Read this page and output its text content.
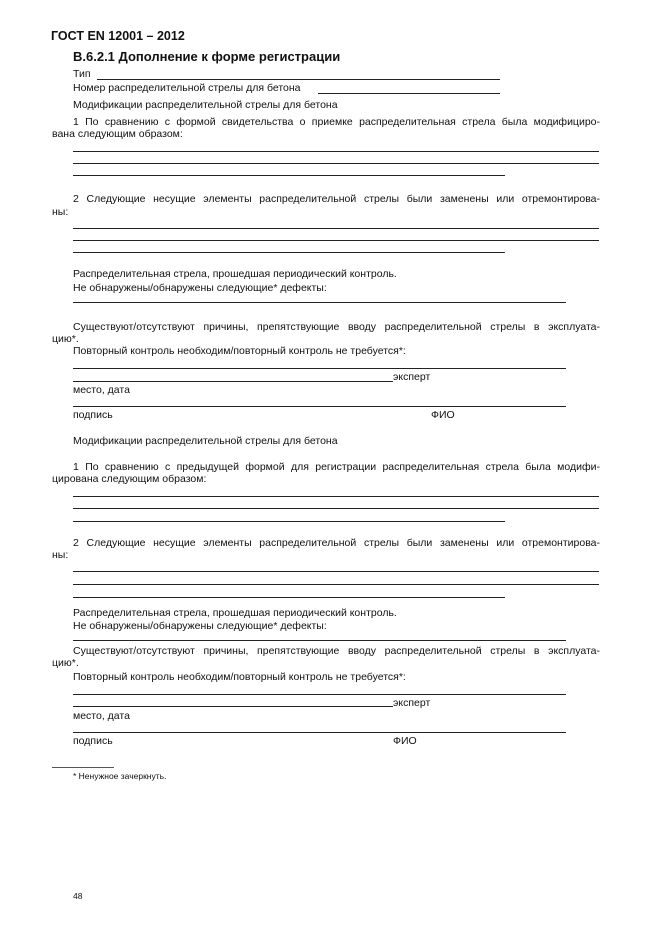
ГОСТ EN 12001 – 2012
В.6.2.1 Дополнение к форме регистрации
Тип
Номер распределительной стрелы для бетона
Модификации распределительной стрелы для бетона
1 По сравнению с формой свидетельства о приемке распределительная стрела была модифициро-
вана следующим образом:
2 Следующие несущие элементы распределительной стрелы были заменены или отремонтирова-
ны:
Распределительная стрела, прошедшая периодический контроль.
Не обнаружены/обнаружены следующие* дефекты:
Существуют/отсутствуют причины, препятствующие вводу распределительной стрелы в эксплуата-
цию*.
Повторный контроль необходим/повторный контроль не требуется*:
эксперт
место, дата
подпись	ФИО
Модификации распределительной стрелы для бетона
1 По сравнению с предыдущей формой для регистрации распределительная стрела была модифи-
цирована следующим образом:
2 Следующие несущие элементы распределительной стрелы были заменены или отремонтирова-
ны:
Распределительная стрела, прошедшая периодический контроль.
Не обнаружены/обнаружены следующие* дефекты:
Существуют/отсутствуют причины, препятствующие вводу распределительной стрелы в эксплуата-
цию*.
Повторный контроль необходим/повторный контроль не требуется*:
эксперт
место, дата
подпись	ФИО
* Ненужное зачеркнуть.
48
